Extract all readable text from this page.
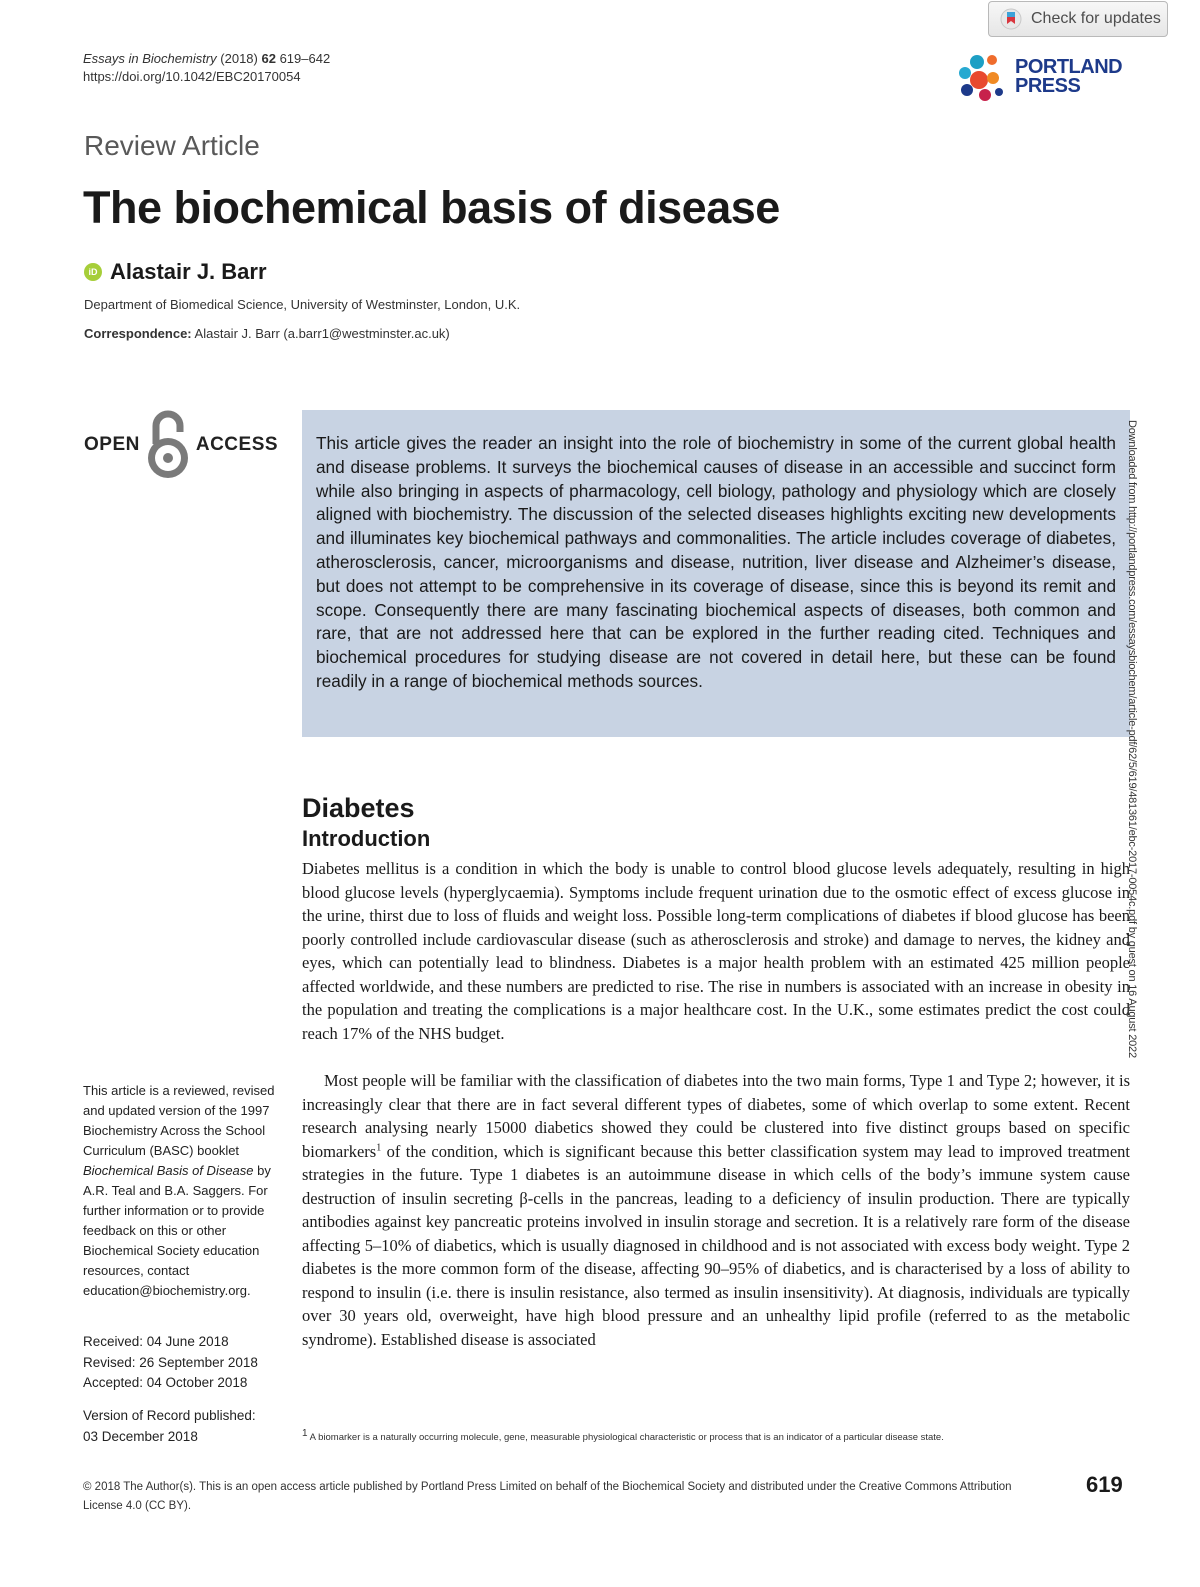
Check for updates
Essays in Biochemistry (2018) 62 619–642
https://doi.org/10.1042/EBC20170054	PORTLAND
PRESS
Review Article
The biochemical basis of disease
iD Alastair J. Barr
Department of Biomedical Science, University of Westminster, London, U.K.
Correspondence: Alastair J. Barr (a.barr1@westminster.ac.uk)
OPEN	ACCESS This article gives the reader an insight into the role of biochemistry in some of the current global health and disease problems. It surveys the biochemical causes of disease in an accessible and succinct form while also bringing in aspects of pharmacology, cell biology, pathology and physiology which are closely aligned with biochemistry. The discussion of the selected diseases highlights exciting new developments and illuminates key biochemical pathways and commonalities. The article includes coverage of diabetes, atherosclerosis, cancer, microorganisms and disease, nutrition, liver disease and Alzheimer’s disease, but does not attempt to be comprehensive in its coverage of disease, since this is beyond its remit and scope. Consequently there are many fascinating biochemical aspects of diseases, both common and rare, that are not addressed here that can be explored in the further reading cited. Techniques and biochemical procedures for studying disease are not covered in detail here, but these can be found readily in a range of biochemical methods sources.	Downloaded from http://portlandpress.com/essaysbiochem/article-pdf/62/5/619/481361/ebc-2017-0054c.pdf by guest on 16 August 2022
Diabetes
Introduction

Diabetes mellitus is a condition in which the body is unable to control blood glucose levels adequately, resulting in high blood glucose levels (hyperglycaemia). Symptoms include frequent urination due to the osmotic effect of excess glucose in the urine, thirst due to loss of fluids and weight loss. Possible long-term complications of diabetes if blood glucose has been poorly controlled include cardiovascular disease (such as atherosclerosis and stroke) and damage to nerves, the kidney and eyes, which can potentially lead to blindness. Diabetes is a major health problem with an estimated 425 million people affected worldwide, and these numbers are predicted to rise. The rise in numbers is associated with an increase in obesity in the population and treating the complications is a major healthcare cost. In the U.K., some estimates predict the cost could reach 17% of the NHS budget.

Most people will be familiar with the classification of diabetes into the two main forms, Type 1 and Type 2; however, it is increasingly clear that there are in fact several different types of diabetes, some of which overlap to some extent. Recent research analysing nearly 15000 diabetics showed they could be clustered into five distinct groups based on specific biomarkers$^1$ of the condition, which is significant because this better classification system may lead to improved treatment strategies in the future. Type 1 diabetes is an autoimmune disease in which cells of the body’s immune system cause destruction of insulin secreting β-cells in the pancreas, leading to a deficiency of insulin production. There are typically antibodies against key pancreatic proteins involved in insulin storage and secretion. It is a relatively rare form of the disease affecting 5–10% of diabetics, which is usually diagnosed in childhood and is not associated with excess body weight. Type 2 diabetes is the more common form of the disease, affecting 90–95% of diabetics, and is characterised by a loss of ability to respond to insulin (i.e. there is insulin resistance, also termed as insulin insensitivity). At diagnosis, individuals are typically over 30 years old, overweight, have high blood pressure and an unhealthy lipid profile (referred to as the metabolic syndrome). Established disease is associated

This article is a reviewed, revised and updated version of the 1997 Biochemistry Across the School Curriculum (BASC) booklet Biochemical Basis of Disease by A.R. Teal and B.A. Saggers. For further information or to provide feedback on this or other Biochemical Society education resources, contact education@biochemistry.org.

Received: 04 June 2018
Revised: 26 September 2018
Accepted: 04 October 2018
Version of Record published:
03 December 2018	$^1$ A biomarker is a naturally occurring molecule, gene, measurable physiological characteristic or process that is an indicator of a particular disease state.
© 2018 The Author(s). This is an open access article published by Portland Press Limited on behalf of the Biochemical Society and distributed under the Creative Commons Attribution License 4.0 (CC BY).
619
